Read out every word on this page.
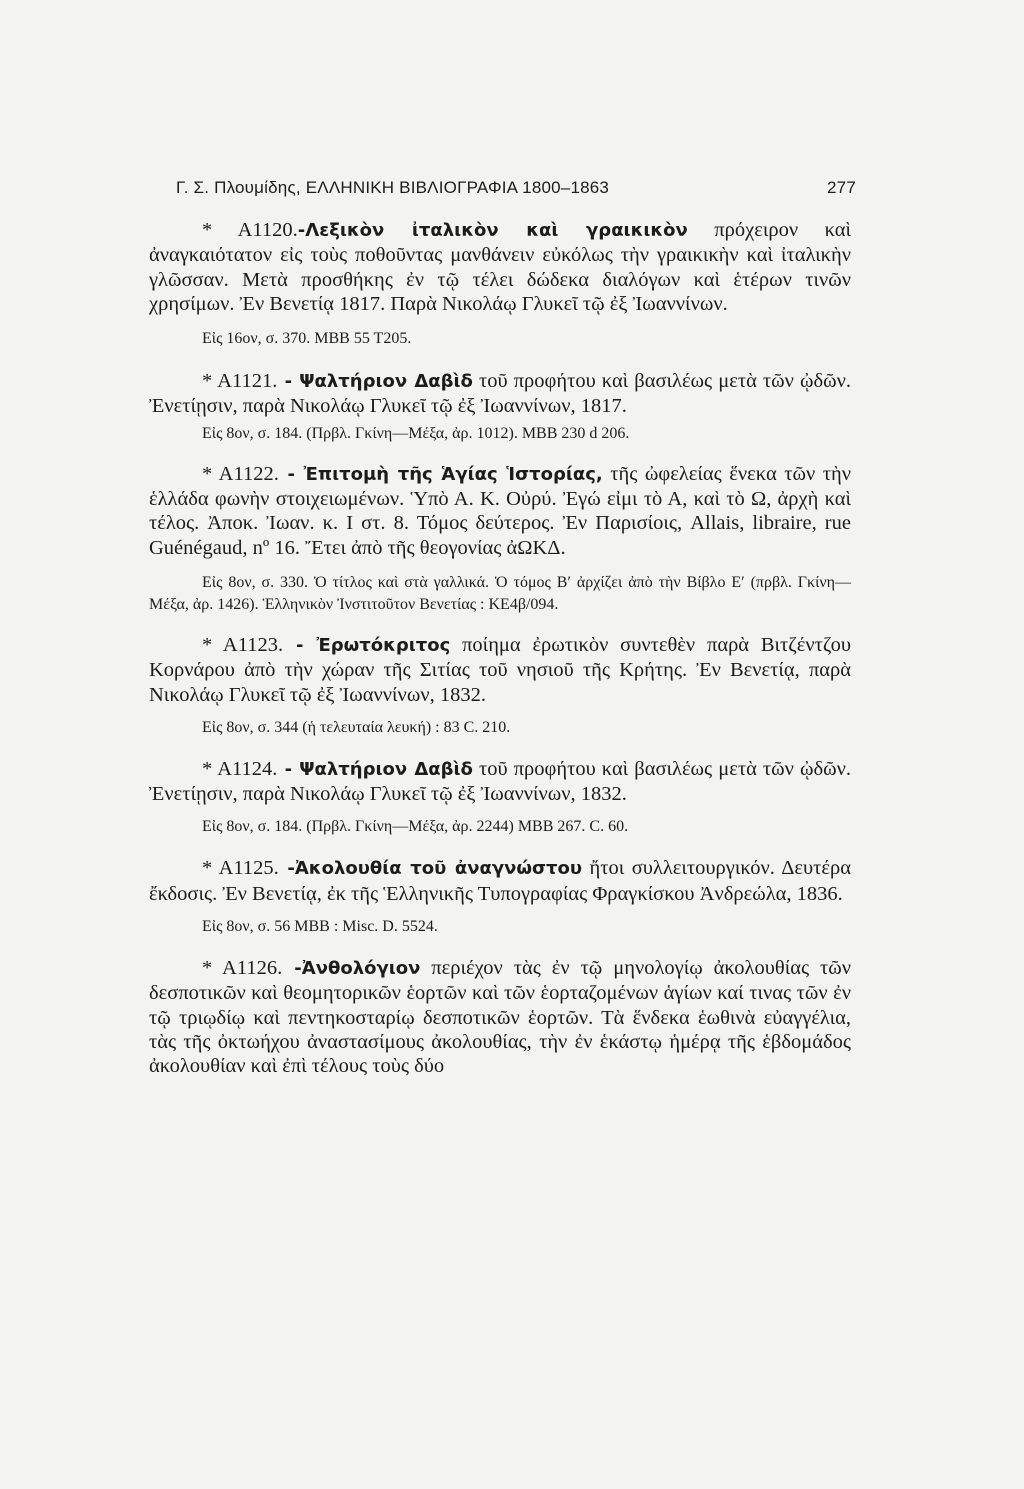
Γ. Σ. Πλουμίδης, ΕΛΛΗΝΙΚΗ ΒΙΒΛΙΟΓΡΑΦΙΑ 1800–1863	277

* A1120.-Λεξικὸν ἰταλικὸν καὶ γραικικὸν πρόχειρον καὶ ἀναγκαιότατον εἰς τοὺς ποθοῦντας μανθάνειν εὐκόλως τὴν γραικικὴν καὶ ἰταλικὴν γλῶσσαν. Μετὰ προσθήκης ἐν τῷ τέλει δώδεκα διαλόγων καὶ ἑτέρων τινῶν χρησίμων. Ἐν Βενετίᾳ 1817. Παρὰ Νικολάῳ Γλυκεῖ τῷ ἐξ Ἰωαννίνων.

Εἰς 16ον, σ. 370. ΜΒΒ 55 Τ205.

* A1121. - Ψαλτήριον Δαβὶδ τοῦ προφήτου καὶ βασιλέως μετὰ τῶν ᾠδῶν. Ἐνετίῃσιν, παρὰ Νικολάῳ Γλυκεῖ τῷ ἐξ Ἰωαννίνων, 1817.

Εἰς 8ον, σ. 184. (Πρβλ. Γκίνη—Μέξα, ἀρ. 1012). ΜΒΒ 230 d 206.

* A1122. - Ἐπιτομὴ τῆς Ἁγίας Ἱστορίας, τῆς ὠφελείας ἕνεκα τῶν τὴν ἑλλάδα φωνὴν στοιχειωμένων. Ὑπὸ Α. Κ. Οὐρύ. Ἐγώ εἰμι τὸ Α, καὶ τὸ Ω, ἀρχὴ καὶ τέλος. Ἀποκ. Ἰωαν. κ. Ι στ. 8. Τόμος δεύτερος. Ἐν Παρισίοις, Allais, libraire, rue Guénégaud, nº 16. Ἔτει ἀπὸ τῆς θεογονίας ἀΩΚΔ.

Εἰς 8ον, σ. 330. Ὁ τίτλος καὶ στὰ γαλλικά. Ὁ τόμος Β′ ἀρχίζει ἀπὸ τὴν Βίβλο Ε′ (πρβλ. Γκίνη—Μέξα, ἀρ. 1426). Ἑλληνικὸν Ἰνστιτοῦτον Βενετίας : ΚΕ4β/094.

* A1123. - Ἐρωτόκριτος ποίημα ἐρωτικὸν συντεθὲν παρὰ Βιτζέντζου Κορνάρου ἀπὸ τὴν χώραν τῆς Σιτίας τοῦ νησιοῦ τῆς Κρήτης. Ἐν Βενετίᾳ, παρὰ Νικολάῳ Γλυκεῖ τῷ ἐξ Ἰωαννίνων, 1832.

Εἰς 8ον, σ. 344 (ἡ τελευταία λευκή) : 83 C. 210.

* A1124. - Ψαλτήριον Δαβὶδ τοῦ προφήτου καὶ βασιλέως μετὰ τῶν ᾠδῶν. Ἐνετίῃσιν, παρὰ Νικολάῳ Γλυκεῖ τῷ ἐξ Ἰωαννίνων, 1832.

Εἰς 8ον, σ. 184. (Πρβλ. Γκίνη—Μέξα, ἀρ. 2244) ΜΒΒ 267. C. 60.

* A1125. -Ἀκολουθία τοῦ ἀναγνώστου ἤτοι συλλειτουργικόν. Δευτέρα ἔκδοσις. Ἐν Βενετίᾳ, ἐκ τῆς Ἑλληνικῆς Τυπογραφίας Φραγκίσκου Ἀνδρεώλα, 1836.

Εἰς 8ον, σ. 56 ΜΒΒ : Misc. D. 5524.

* A1126. -Ἀνθολόγιον περιέχον τὰς ἐν τῷ μηνολογίῳ ἀκολουθίας τῶν δεσποτικῶν καὶ θεομητορικῶν ἑορτῶν καὶ τῶν ἑορταζομένων ἁγίων καί τινας τῶν ἐν τῷ τριῳδίῳ καὶ πεντηκοσταρίῳ δεσποτικῶν ἑορτῶν. Τὰ ἕνδεκα ἑωθινὰ εὐαγγέλια, τὰς τῆς ὀκτωήχου ἀναστασίμους ἀκολουθίας, τὴν ἐν ἑκάστῳ ἡμέρᾳ τῆς ἑβδομάδος ἀκολουθίαν καὶ ἐπὶ τέλους τοὺς δύο
